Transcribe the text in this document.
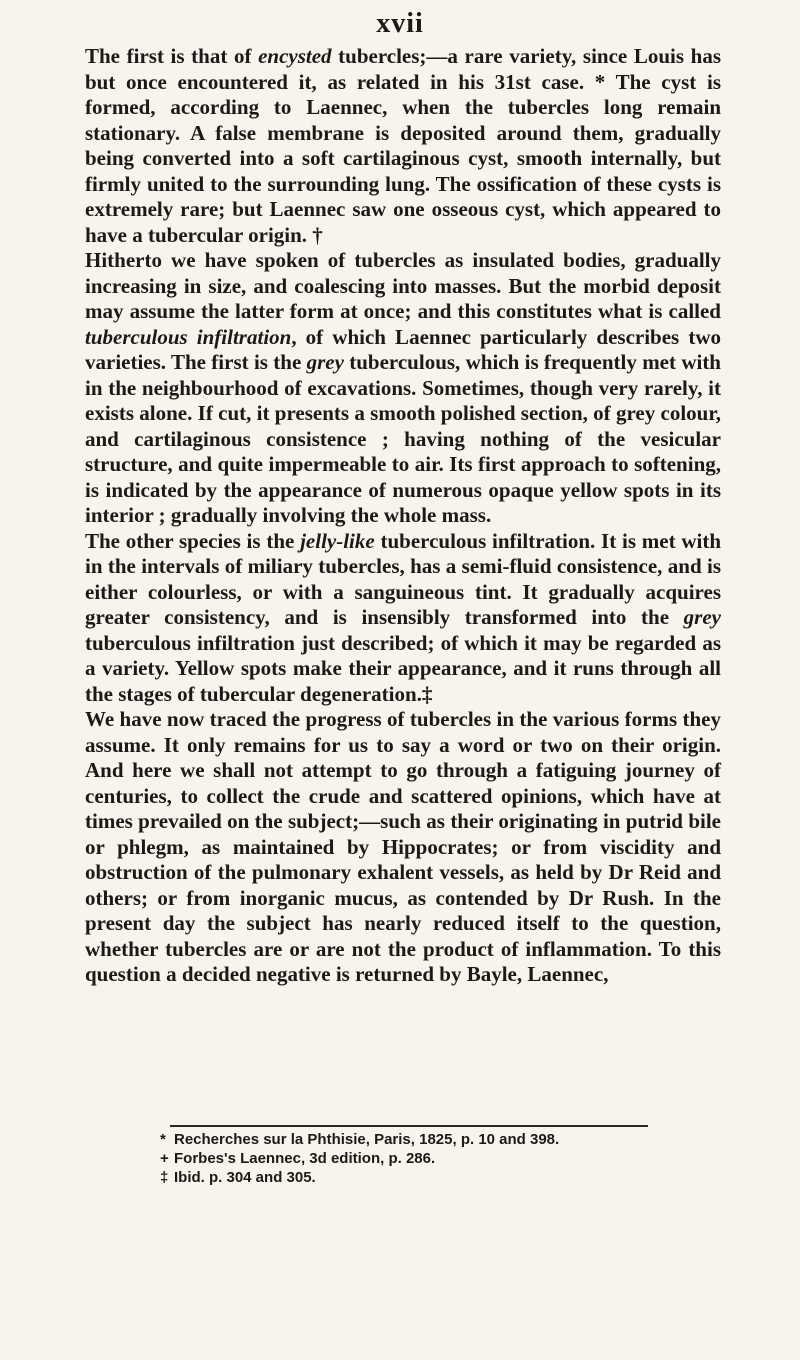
xvii

The first is that of encysted tubercles;—a rare variety, since Louis has but once encountered it, as related in his 31st case. * The cyst is formed, according to Laennec, when the tubercles long remain stationary. A false membrane is deposited around them, gradually being converted into a soft cartilaginous cyst, smooth internally, but firmly united to the surrounding lung. The ossification of these cysts is extremely rare; but Laennec saw one osseous cyst, which appeared to have a tubercular origin. †

Hitherto we have spoken of tubercles as insulated bodies, gradually increasing in size, and coalescing into masses. But the morbid deposit may assume the latter form at once; and this constitutes what is called tuberculous infiltration, of which Laennec particularly describes two varieties. The first is the grey tuberculous, which is frequently met with in the neighbourhood of excavations. Sometimes, though very rarely, it exists alone. If cut, it presents a smooth polished section, of grey colour, and cartilaginous consistence ; having nothing of the vesicular structure, and quite impermeable to air. Its first approach to softening, is indicated by the appearance of numerous opaque yellow spots in its interior ; gradually involving the whole mass.

The other species is the jelly-like tuberculous infiltration. It is met with in the intervals of miliary tubercles, has a semi-fluid consistence, and is either colourless, or with a sanguineous tint. It gradually acquires greater consistency, and is insensibly transformed into the grey tuberculous infiltration just described; of which it may be regarded as a variety. Yellow spots make their appearance, and it runs through all the stages of tubercular degeneration.‡

We have now traced the progress of tubercles in the various forms they assume. It only remains for us to say a word or two on their origin. And here we shall not attempt to go through a fatiguing journey of centuries, to collect the crude and scattered opinions, which have at times prevailed on the subject;—such as their originating in putrid bile or phlegm, as maintained by Hippocrates; or from viscidity and obstruction of the pulmonary exhalent vessels, as held by Dr Reid and others; or from inorganic mucus, as contended by Dr Rush. In the present day the subject has nearly reduced itself to the question, whether tubercles are or are not the product of inflammation. To this question a decided negative is returned by Bayle, Laennec,

* Recherches sur la Phthisie, Paris, 1825, p. 10 and 398.
+ Forbes's Laennec, 3d edition, p. 286.
‡ Ibid. p. 304 and 305.
